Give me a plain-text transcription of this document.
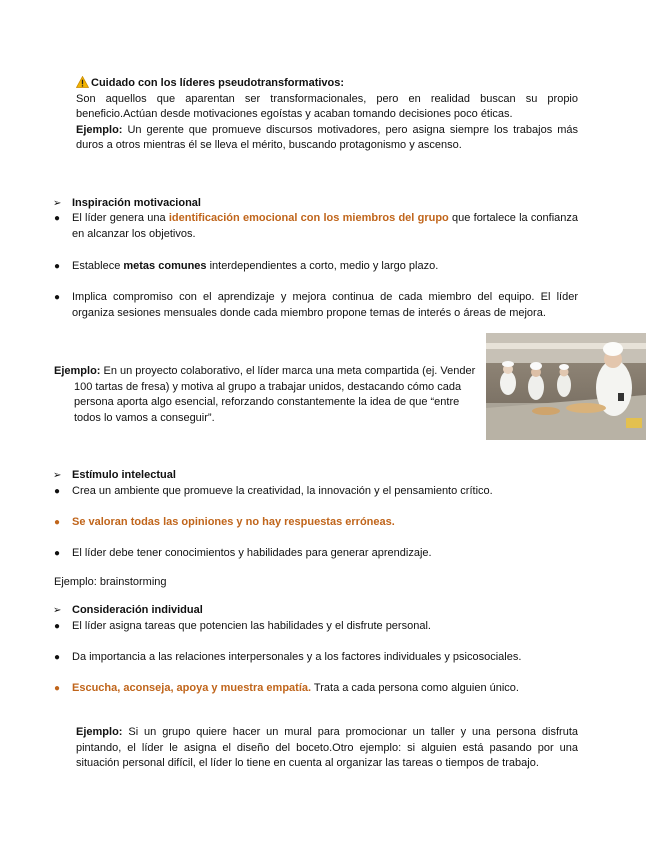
Cuidado con los líderes pseudotransformativos:
Son aquellos que aparentan ser transformacionales, pero en realidad buscan su propio beneficio.Actúan desde motivaciones egoístas y acaban tomando decisiones poco éticas.
Ejemplo: Un gerente que promueve discursos motivadores, pero asigna siempre los trabajos más duros a otros mientras él se lleva el mérito, buscando protagonismo y ascenso.
➢ Inspiración motivacional
● El líder genera una identificación emocional con los miembros del grupo que fortalece la confianza en alcanzar los objetivos.
● Establece metas comunes interdependientes a corto, medio y largo plazo.
● Implica compromiso con el aprendizaje y mejora continua de cada miembro del equipo. El líder organiza sesiones mensuales donde cada miembro propone temas de interés o áreas de mejora.
Ejemplo: En un proyecto colaborativo, el líder marca una meta compartida (ej. Vender 100 tartas de fresa) y motiva al grupo a trabajar unidos, destacando cómo cada persona aporta algo esencial, reforzando constantemente la idea de que “entre todos lo vamos a conseguir”.
➢ Estímulo intelectual
● Crea un ambiente que promueve la creatividad, la innovación y el pensamiento crítico.
● Se valoran todas las opiniones y no hay respuestas erróneas.
● El líder debe tener conocimientos y habilidades para generar aprendizaje.
Ejemplo: brainstorming
➢ Consideración individual
● El líder asigna tareas que potencien las habilidades y el disfrute personal.
● Da importancia a las relaciones interpersonales y a los factores individuales y psicosociales.
● Escucha, aconseja, apoya y muestra empatía. Trata a cada persona como alguien único.
Ejemplo: Si un grupo quiere hacer un mural para promocionar un taller y una persona disfruta pintando, el líder le asigna el diseño del boceto.Otro ejemplo: si alguien está pasando por una situación personal difícil, el líder lo tiene en cuenta al organizar las tareas o tiempos de trabajo.
